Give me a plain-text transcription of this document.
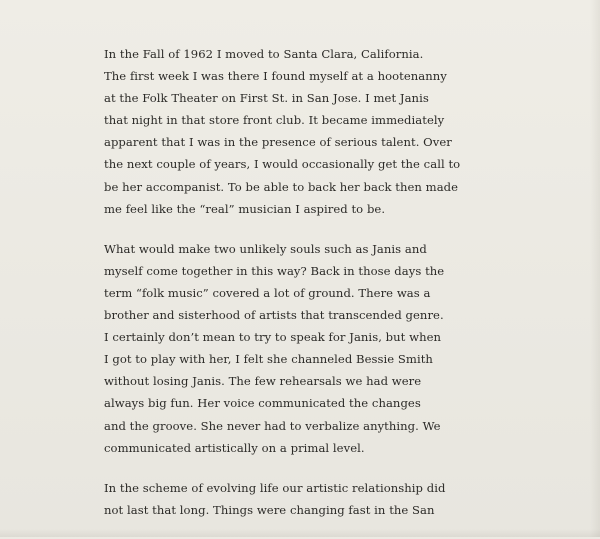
In the Fall of 1962 I moved to Santa Clara, California.
The first week I was there I found myself at a hootenanny
at the Folk Theater on First St. in San Jose. I met Janis
that night in that store front club. It became immediately
apparent that I was in the presence of serious talent. Over
the next couple of years, I would occasionally get the call to
be her accompanist. To be able to back her back then made
me feel like the “real” musician I aspired to be.

What would make two unlikely souls such as Janis and
myself come together in this way? Back in those days the
term “folk music” covered a lot of ground. There was a
brother and sisterhood of artists that transcended genre.
I certainly don’t mean to try to speak for Janis, but when
I got to play with her, I felt she channeled Bessie Smith
without losing Janis. The few rehearsals we had were
always big fun. Her voice communicated the changes
and the groove. She never had to verbalize anything. We
communicated artistically on a primal level.

In the scheme of evolving life our artistic relationship did
not last that long. Things were changing fast in the San
